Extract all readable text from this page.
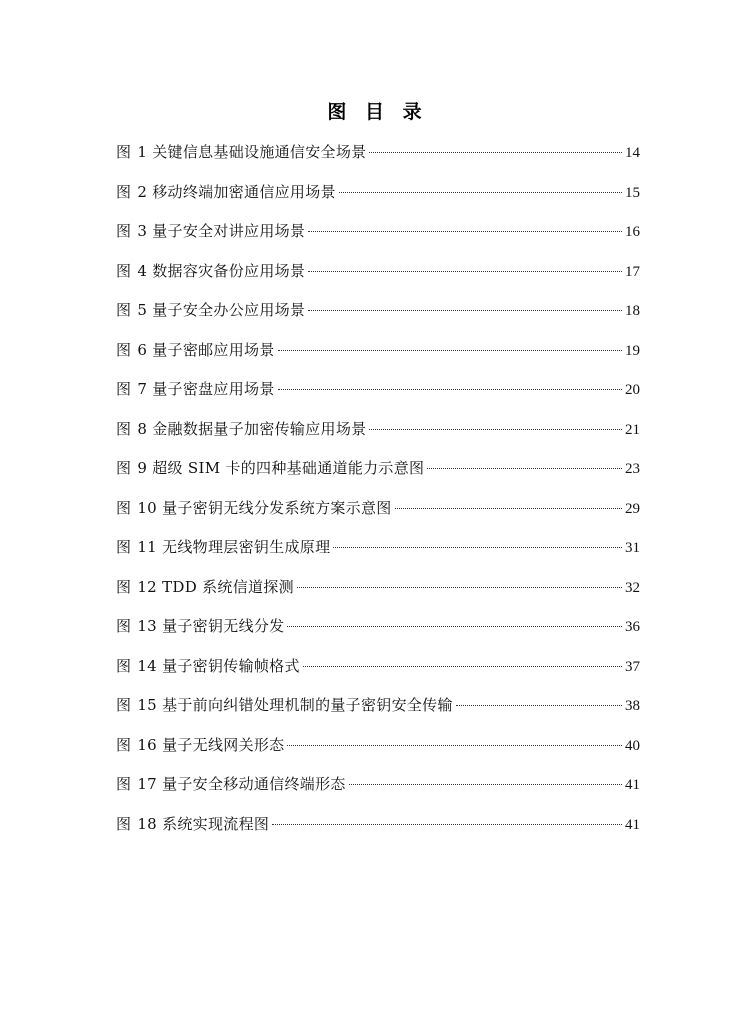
图 目 录
图 1 关键信息基础设施通信安全场景	14
图 2 移动终端加密通信应用场景	15
图 3 量子安全对讲应用场景	16
图 4 数据容灾备份应用场景	17
图 5 量子安全办公应用场景	18
图 6 量子密邮应用场景	19
图 7 量子密盘应用场景	20
图 8 金融数据量子加密传输应用场景	21
图 9 超级 SIM 卡的四种基础通道能力示意图	23
图 10 量子密钥无线分发系统方案示意图	29
图 11 无线物理层密钥生成原理	31
图 12 TDD 系统信道探测	32
图 13 量子密钥无线分发	36
图 14 量子密钥传输帧格式	37
图 15 基于前向纠错处理机制的量子密钥安全传输	38
图 16 量子无线网关形态	40
图 17 量子安全移动通信终端形态	41
图 18 系统实现流程图	41
